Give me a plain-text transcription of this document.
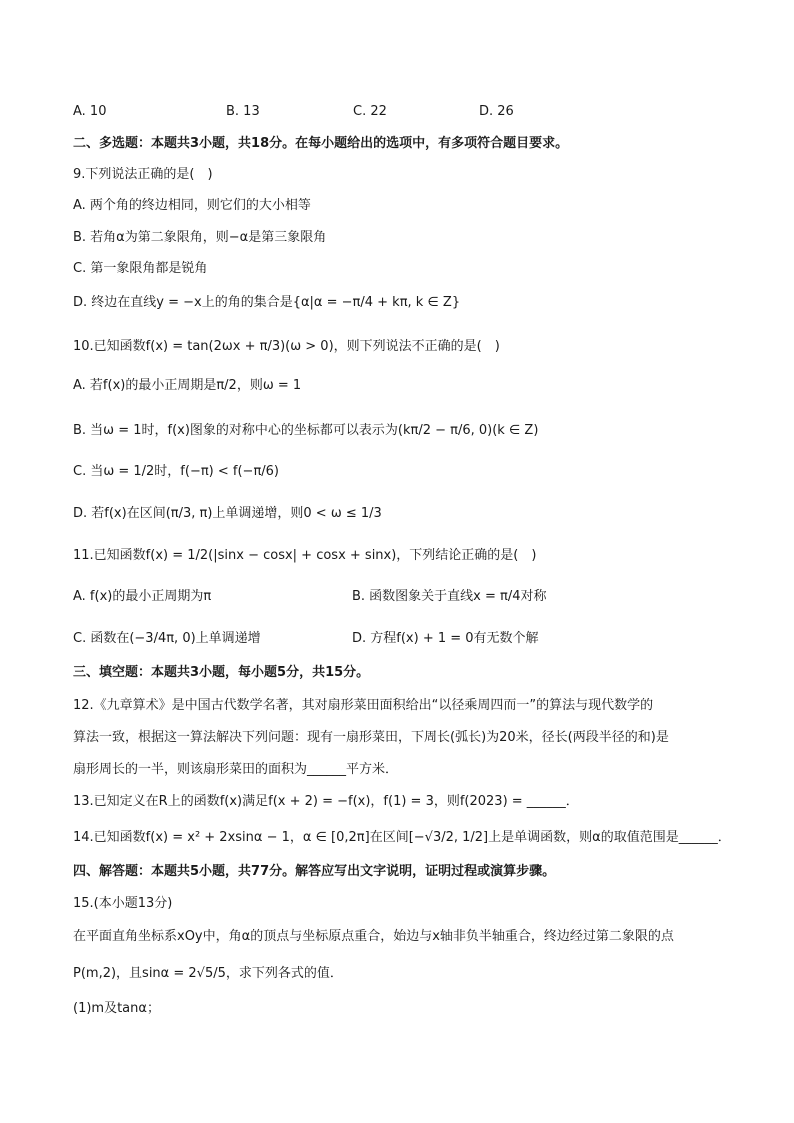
A. 10	B. 13	C. 22	D. 26
二、多选题：本题共3小题，共18分。在每小题给出的选项中，有多项符合题目要求。
9.下列说法正确的是(　)
A. 两个角的终边相同，则它们的大小相等
B. 若角α为第二象限角，则−α是第三象限角
C. 第一象限角都是锐角
D. 终边在直线y = −x上的角的集合是{α|α = −π/4 + kπ, k ∈ Z}
10.已知函数f(x) = tan(2ωx + π/3)(ω > 0)，则下列说法不正确的是(　)
A. 若f(x)的最小正周期是π/2，则ω = 1
B. 当ω = 1时，f(x)图象的对称中心的坐标都可以表示为(kπ/2 − π/6, 0)(k ∈ Z)
C. 当ω = 1/2时，f(−π) < f(−π/6)
D. 若f(x)在区间(π/3, π)上单调递增，则0 < ω ≤ 1/3
11.已知函数f(x) = 1/2(|sinx − cosx| + cosx + sinx)，下列结论正确的是(　)
A. f(x)的最小正周期为π	B. 函数图象关于直线x = π/4对称
C. 函数在(−3/4π, 0)上单调递增	D. 方程f(x) + 1 = 0有无数个解
三、填空题：本题共3小题，每小题5分，共15分。
12.《九章算术》是中国古代数学名著，其对扇形菜田面积给出“以径乘周四而一”的算法与现代数学的
算法一致，根据这一算法解决下列问题：现有一扇形菜田，下周长(弧长)为20米，径长(两段半径的和)是
扇形周长的一半，则该扇形菜田的面积为______平方米．
13.已知定义在R上的函数f(x)满足f(x + 2) = −f(x)，f(1) = 3，则f(2023) = ______．
14.已知函数f(x) = x² + 2xsinα − 1，α ∈ [0,2π]在区间[−√3/2, 1/2]上是单调函数，则α的取值范围是______．
四、解答题：本题共5小题，共77分。解答应写出文字说明，证明过程或演算步骤。
15.(本小题13分)
在平面直角坐标系xOy中，角α的顶点与坐标原点重合，始边与x轴非负半轴重合，终边经过第二象限的点
P(m,2)，且sinα = 2√5/5，求下列各式的值．
(1)m及tanα；
